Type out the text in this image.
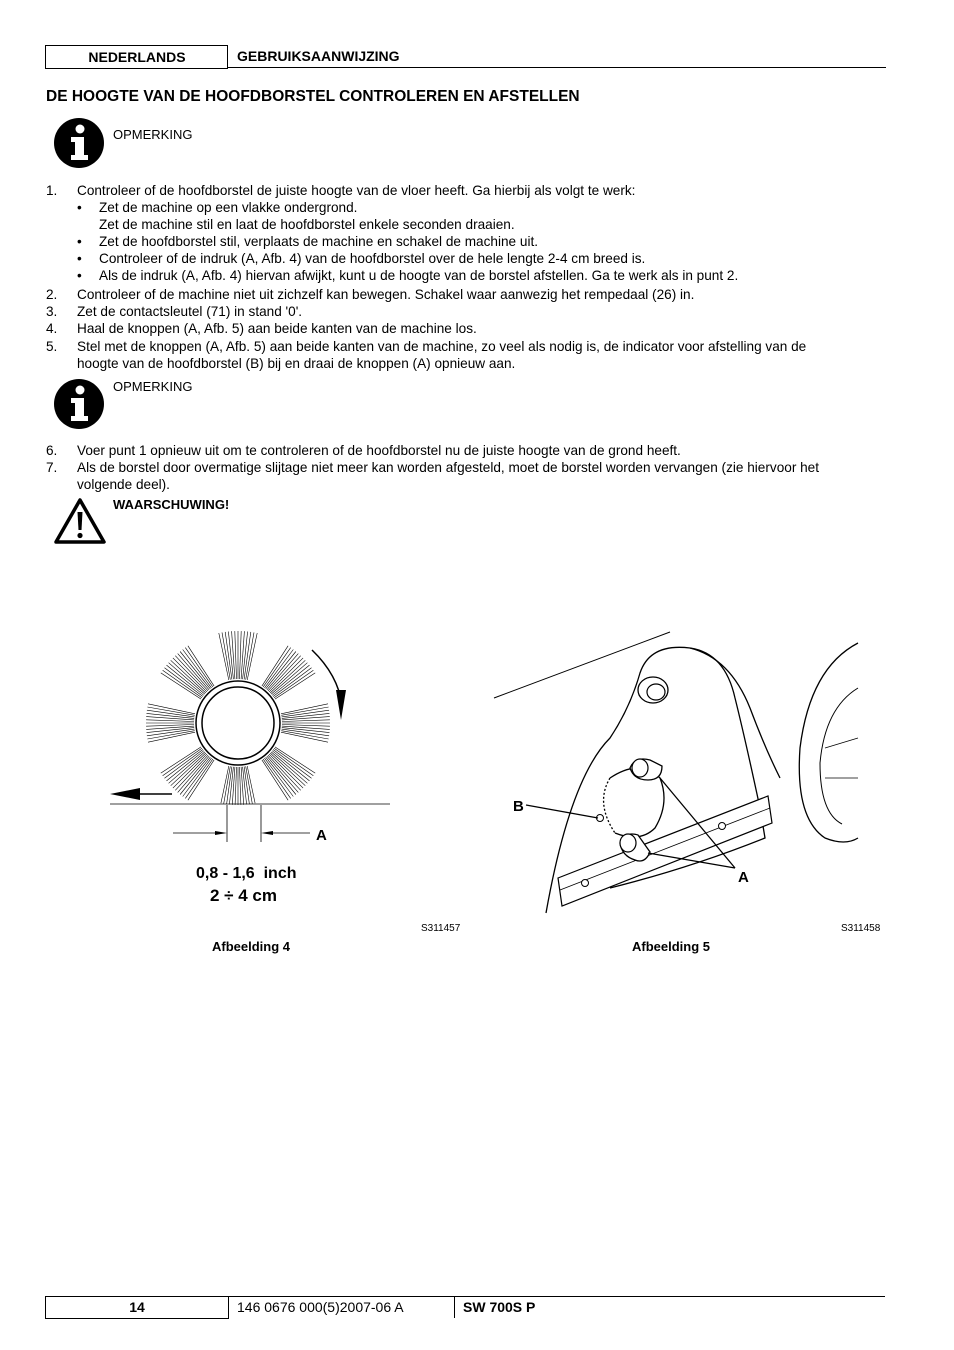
NEDERLANDS	GEBRUIKSAANWIJZING
DE HOOGTE VAN DE HOOFDBORSTEL CONTROLEREN EN AFSTELLEN
OPMERKING
1. Controleer of de hoofdborstel de juiste hoogte van de vloer heeft. Ga hierbij als volgt te werk:
• Zet de machine op een vlakke ondergrond.
Zet de machine stil en laat de hoofdborstel enkele seconden draaien.
• Zet de hoofdborstel stil, verplaats de machine en schakel de machine uit.
• Controleer of de indruk (A, Afb. 4) van de hoofdborstel over de hele lengte 2-4 cm breed is.
• Als de indruk (A, Afb. 4) hiervan afwijkt, kunt u de hoogte van de borstel afstellen. Ga te werk als in punt 2.
2. Controleer of de machine niet uit zichzelf kan bewegen. Schakel waar aanwezig het rempedaal (26) in.
3. Zet de contactsleutel (71) in stand '0'.
4. Haal de knoppen (A, Afb. 5) aan beide kanten van de machine los.
5. Stel met de knoppen (A, Afb. 5) aan beide kanten van de machine, zo veel als nodig is, de indicator voor afstelling van de
hoogte van de hoofdborstel (B) bij en draai de knoppen (A) opnieuw aan.
OPMERKING
6. Voer punt 1 opnieuw uit om te controleren of de hoofdborstel nu de juiste hoogte van de grond heeft.
7. Als de borstel door overmatige slijtage niet meer kan worden afgesteld, moet de borstel worden vervangen (zie hiervoor het
volgende deel).
WAARSCHUWING!
A
0,8 - 1,6  inch
2 ÷ 4 cm
S311457
Afbeelding 4
B
A
S311458
Afbeelding 5
14	146 0676 000(5)2007-06 A	SW 700S P
